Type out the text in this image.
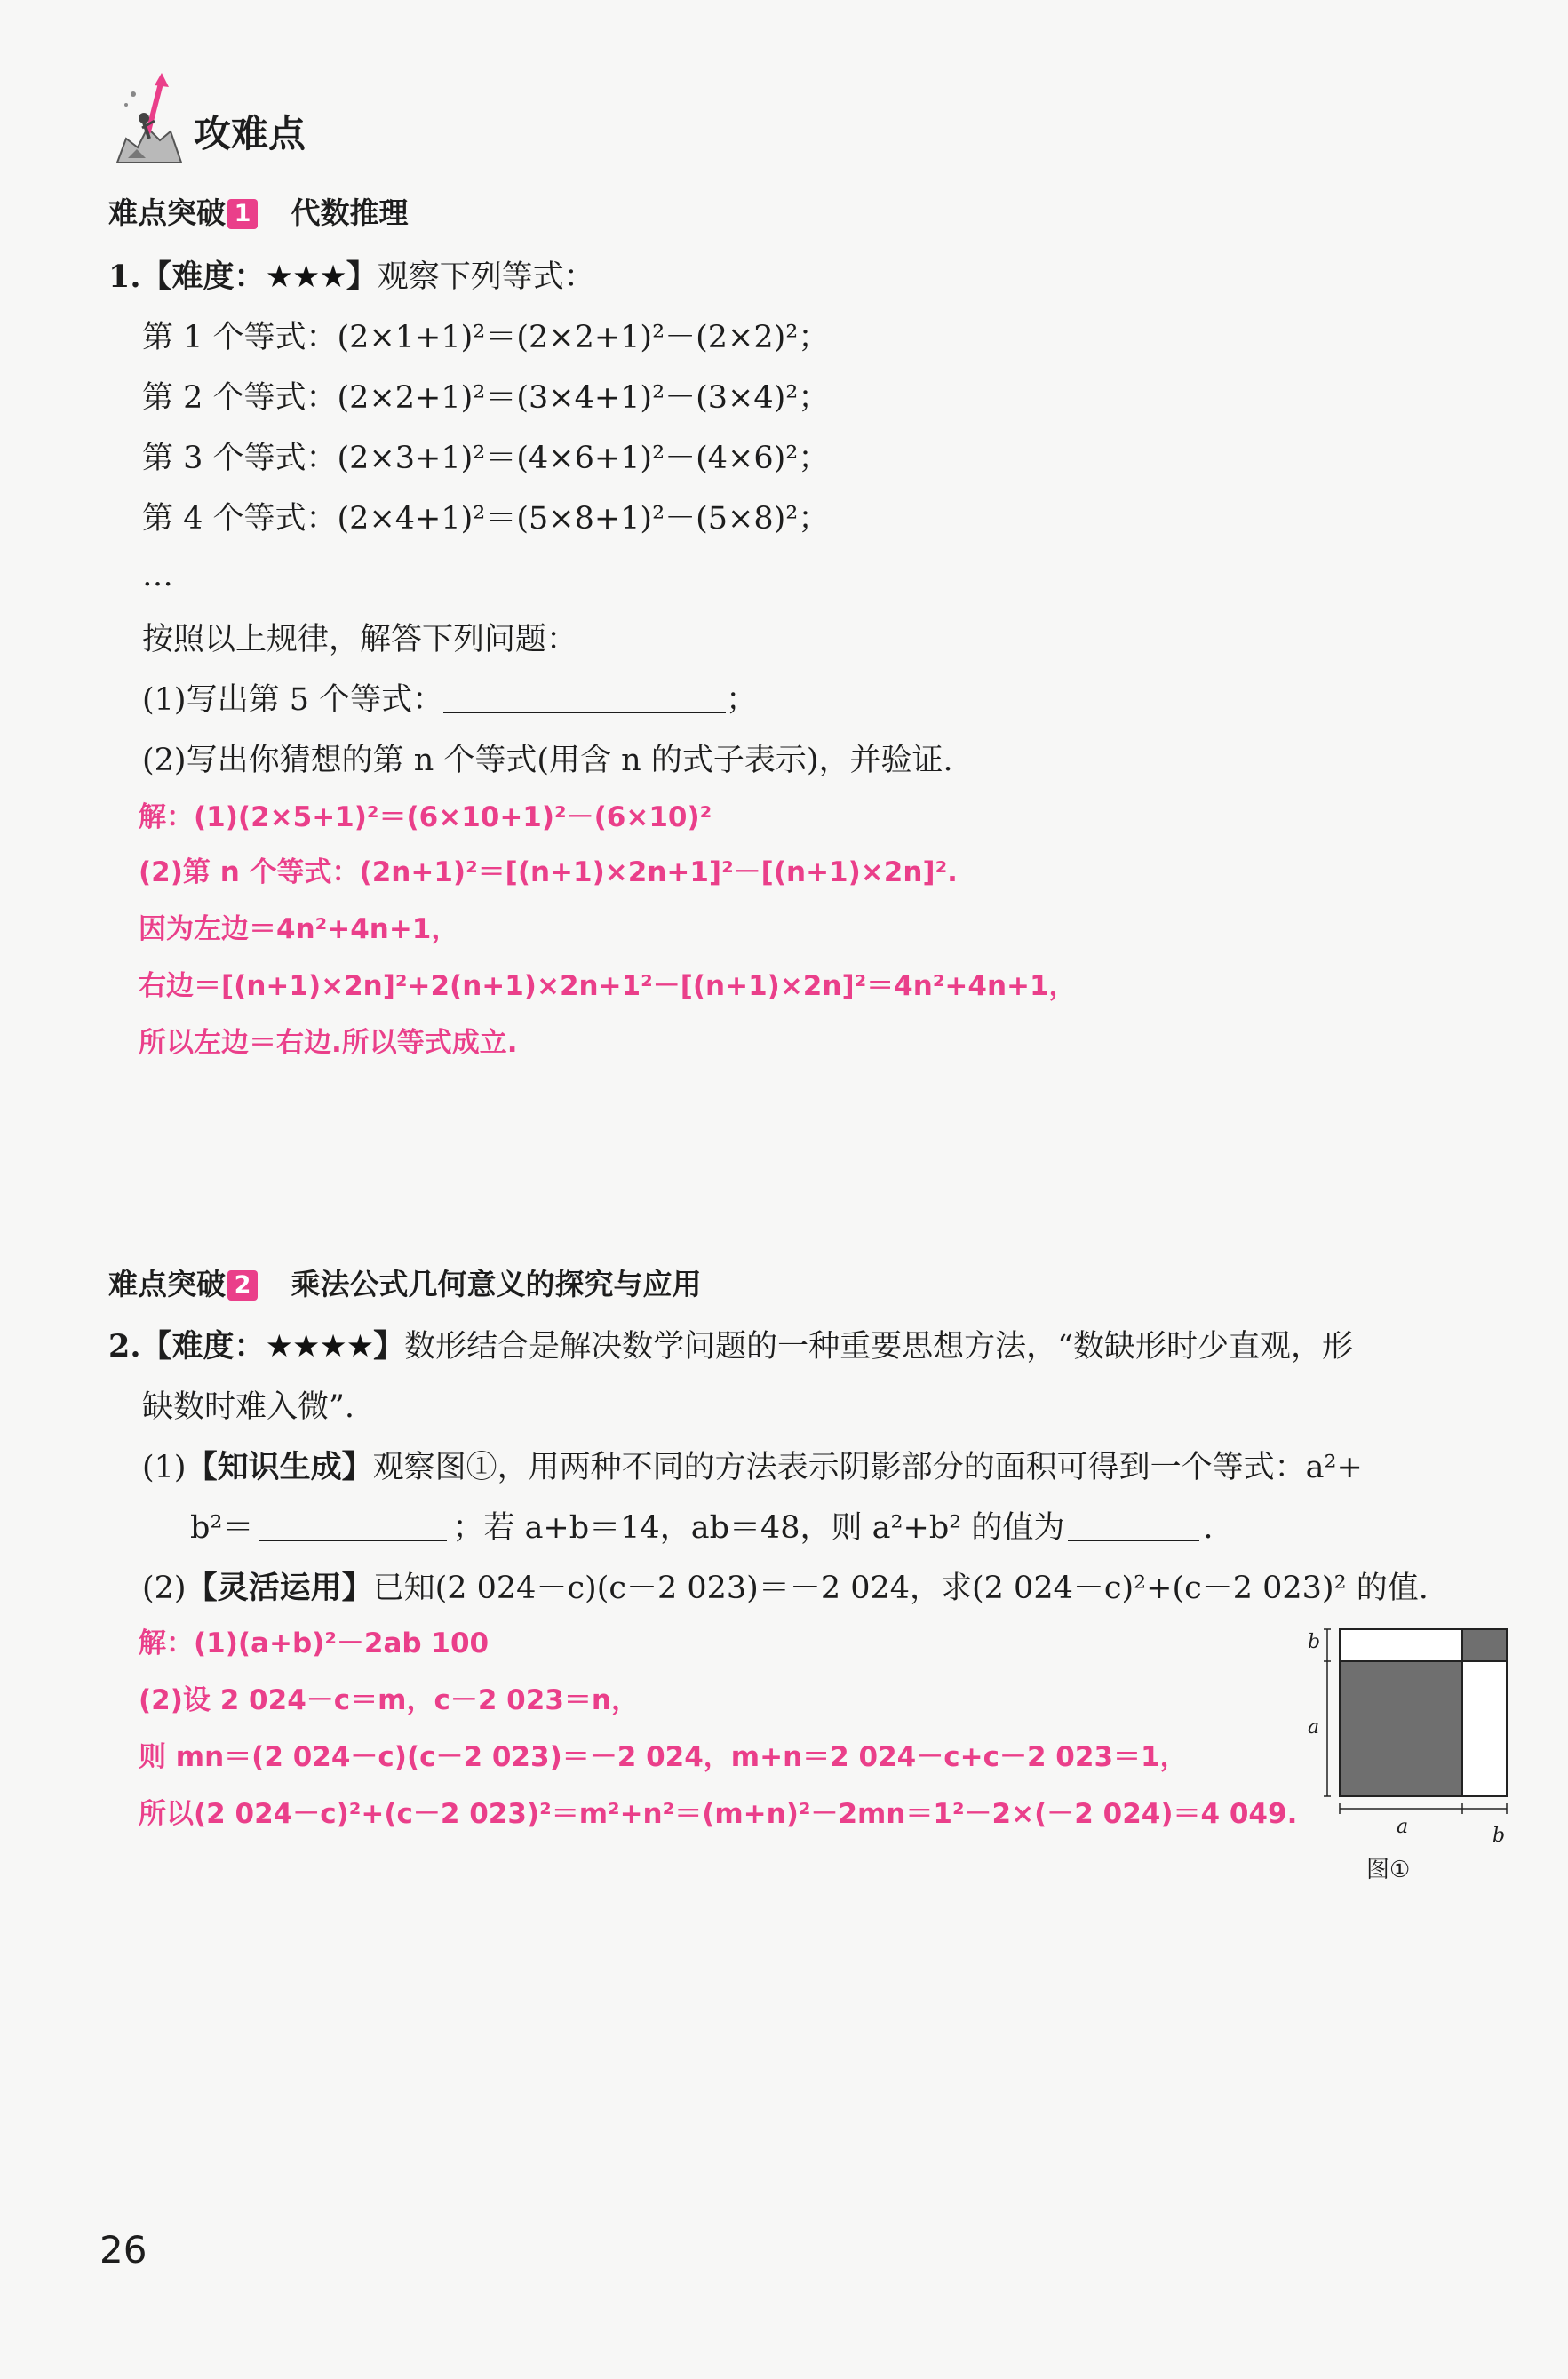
攻难点
难点突破 1 代数推理
1.【难度：★★★】观察下列等式：
第 1 个等式：(2×1+1)²＝(2×2+1)²－(2×2)²；
第 2 个等式：(2×2+1)²＝(3×4+1)²－(3×4)²；
第 3 个等式：(2×3+1)²＝(4×6+1)²－(4×6)²；
第 4 个等式：(2×4+1)²＝(5×8+1)²－(5×8)²；
…
按照以上规律，解答下列问题：
(1)写出第 5 个等式：	；
(2)写出你猜想的第 n 个等式(用含 n 的式子表示)，并验证.
解：(1)(2×5+1)²＝(6×10+1)²－(6×10)²
(2)第 n 个等式：(2n+1)²＝[(n+1)×2n+1]²－[(n+1)×2n]².
因为左边＝4n²+4n+1，
右边＝[(n+1)×2n]²+2(n+1)×2n+1²－[(n+1)×2n]²＝4n²+4n+1，
所以左边＝右边.所以等式成立.
难点突破 2 乘法公式几何意义的探究与应用
2.【难度：★★★★】数形结合是解决数学问题的一种重要思想方法，“数缺形时少直观，形
缺数时难入微”.
(1)【知识生成】观察图①，用两种不同的方法表示阴影部分的面积可得到一个等式：a²+
b²＝	；若 a+b＝14，ab＝48，则 a²+b² 的值为	.
(2)【灵活运用】已知(2 024－c)(c－2 023)＝－2 024，求(2 024－c)²+(c－2 023)² 的值.
解：(1)(a+b)²－2ab 100
(2)设 2 024－c＝m，c－2 023＝n，
则 mn＝(2 024－c)(c－2 023)＝－2 024，m+n＝2 024－c+c－2 023＝1，
所以(2 024－c)²+(c－2 023)²＝m²+n²＝(m+n)²－2mn＝1²－2×(－2 024)＝4 049.
b
a
a	b
图①
26
